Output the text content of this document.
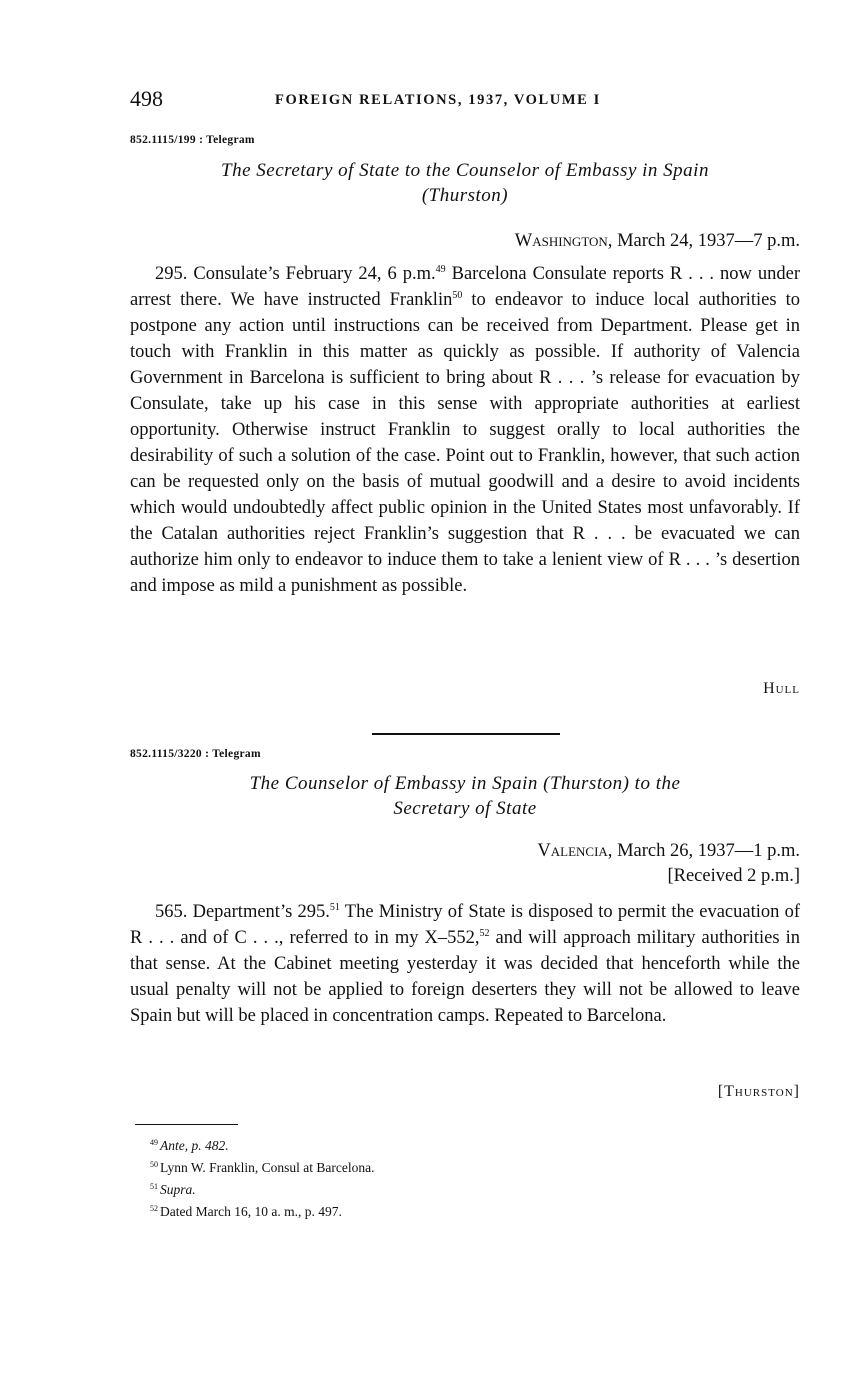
498	FOREIGN RELATIONS, 1937, VOLUME I
852.1115/199 : Telegram
The Secretary of State to the Counselor of Embassy in Spain
(Thurston)
Washington, March 24, 1937—7 p.m.
295. Consulate’s February 24, 6 p.m.$^{49}$ Barcelona Consulate reports R . . . now under arrest there. We have instructed Franklin$^{50}$ to endeavor to induce local authorities to postpone any action until instructions can be received from Department. Please get in touch with Franklin in this matter as quickly as possible. If authority of Valencia Government in Barcelona is sufficient to bring about R . . . ’s release for evacuation by Consulate, take up his case in this sense with appropriate authorities at earliest opportunity. Otherwise instruct Franklin to suggest orally to local authorities the desirability of such a solution of the case. Point out to Franklin, however, that such action can be requested only on the basis of mutual goodwill and a desire to avoid incidents which would undoubtedly affect public opinion in the United States most unfavorably. If the Catalan authorities reject Franklin’s suggestion that R . . . be evacuated we can authorize him only to endeavor to induce them to take a lenient view of R . . . ’s desertion and impose as mild a punishment as possible.
Hull
852.1115/3220 : Telegram
The Counselor of Embassy in Spain (Thurston) to the
Secretary of State
Valencia, March 26, 1937—1 p.m.
[Received 2 p.m.]
565. Department’s 295.51 The Ministry of State is disposed to permit the evacuation of R . . . and of C . . ., referred to in my X–552,52 and will approach military authorities in that sense. At the Cabinet meeting yesterday it was decided that henceforth while the usual penalty will not be applied to foreign deserters they will not be allowed to leave Spain but will be placed in concentration camps. Repeated to Barcelona.
[Thurston]
$^{49}$ Ante, p. 482.
$^{50}$ Lynn W. Franklin, Consul at Barcelona.
$^{51}$ Supra.
$^{52}$ Dated March 16, 10 a. m., p. 497.
